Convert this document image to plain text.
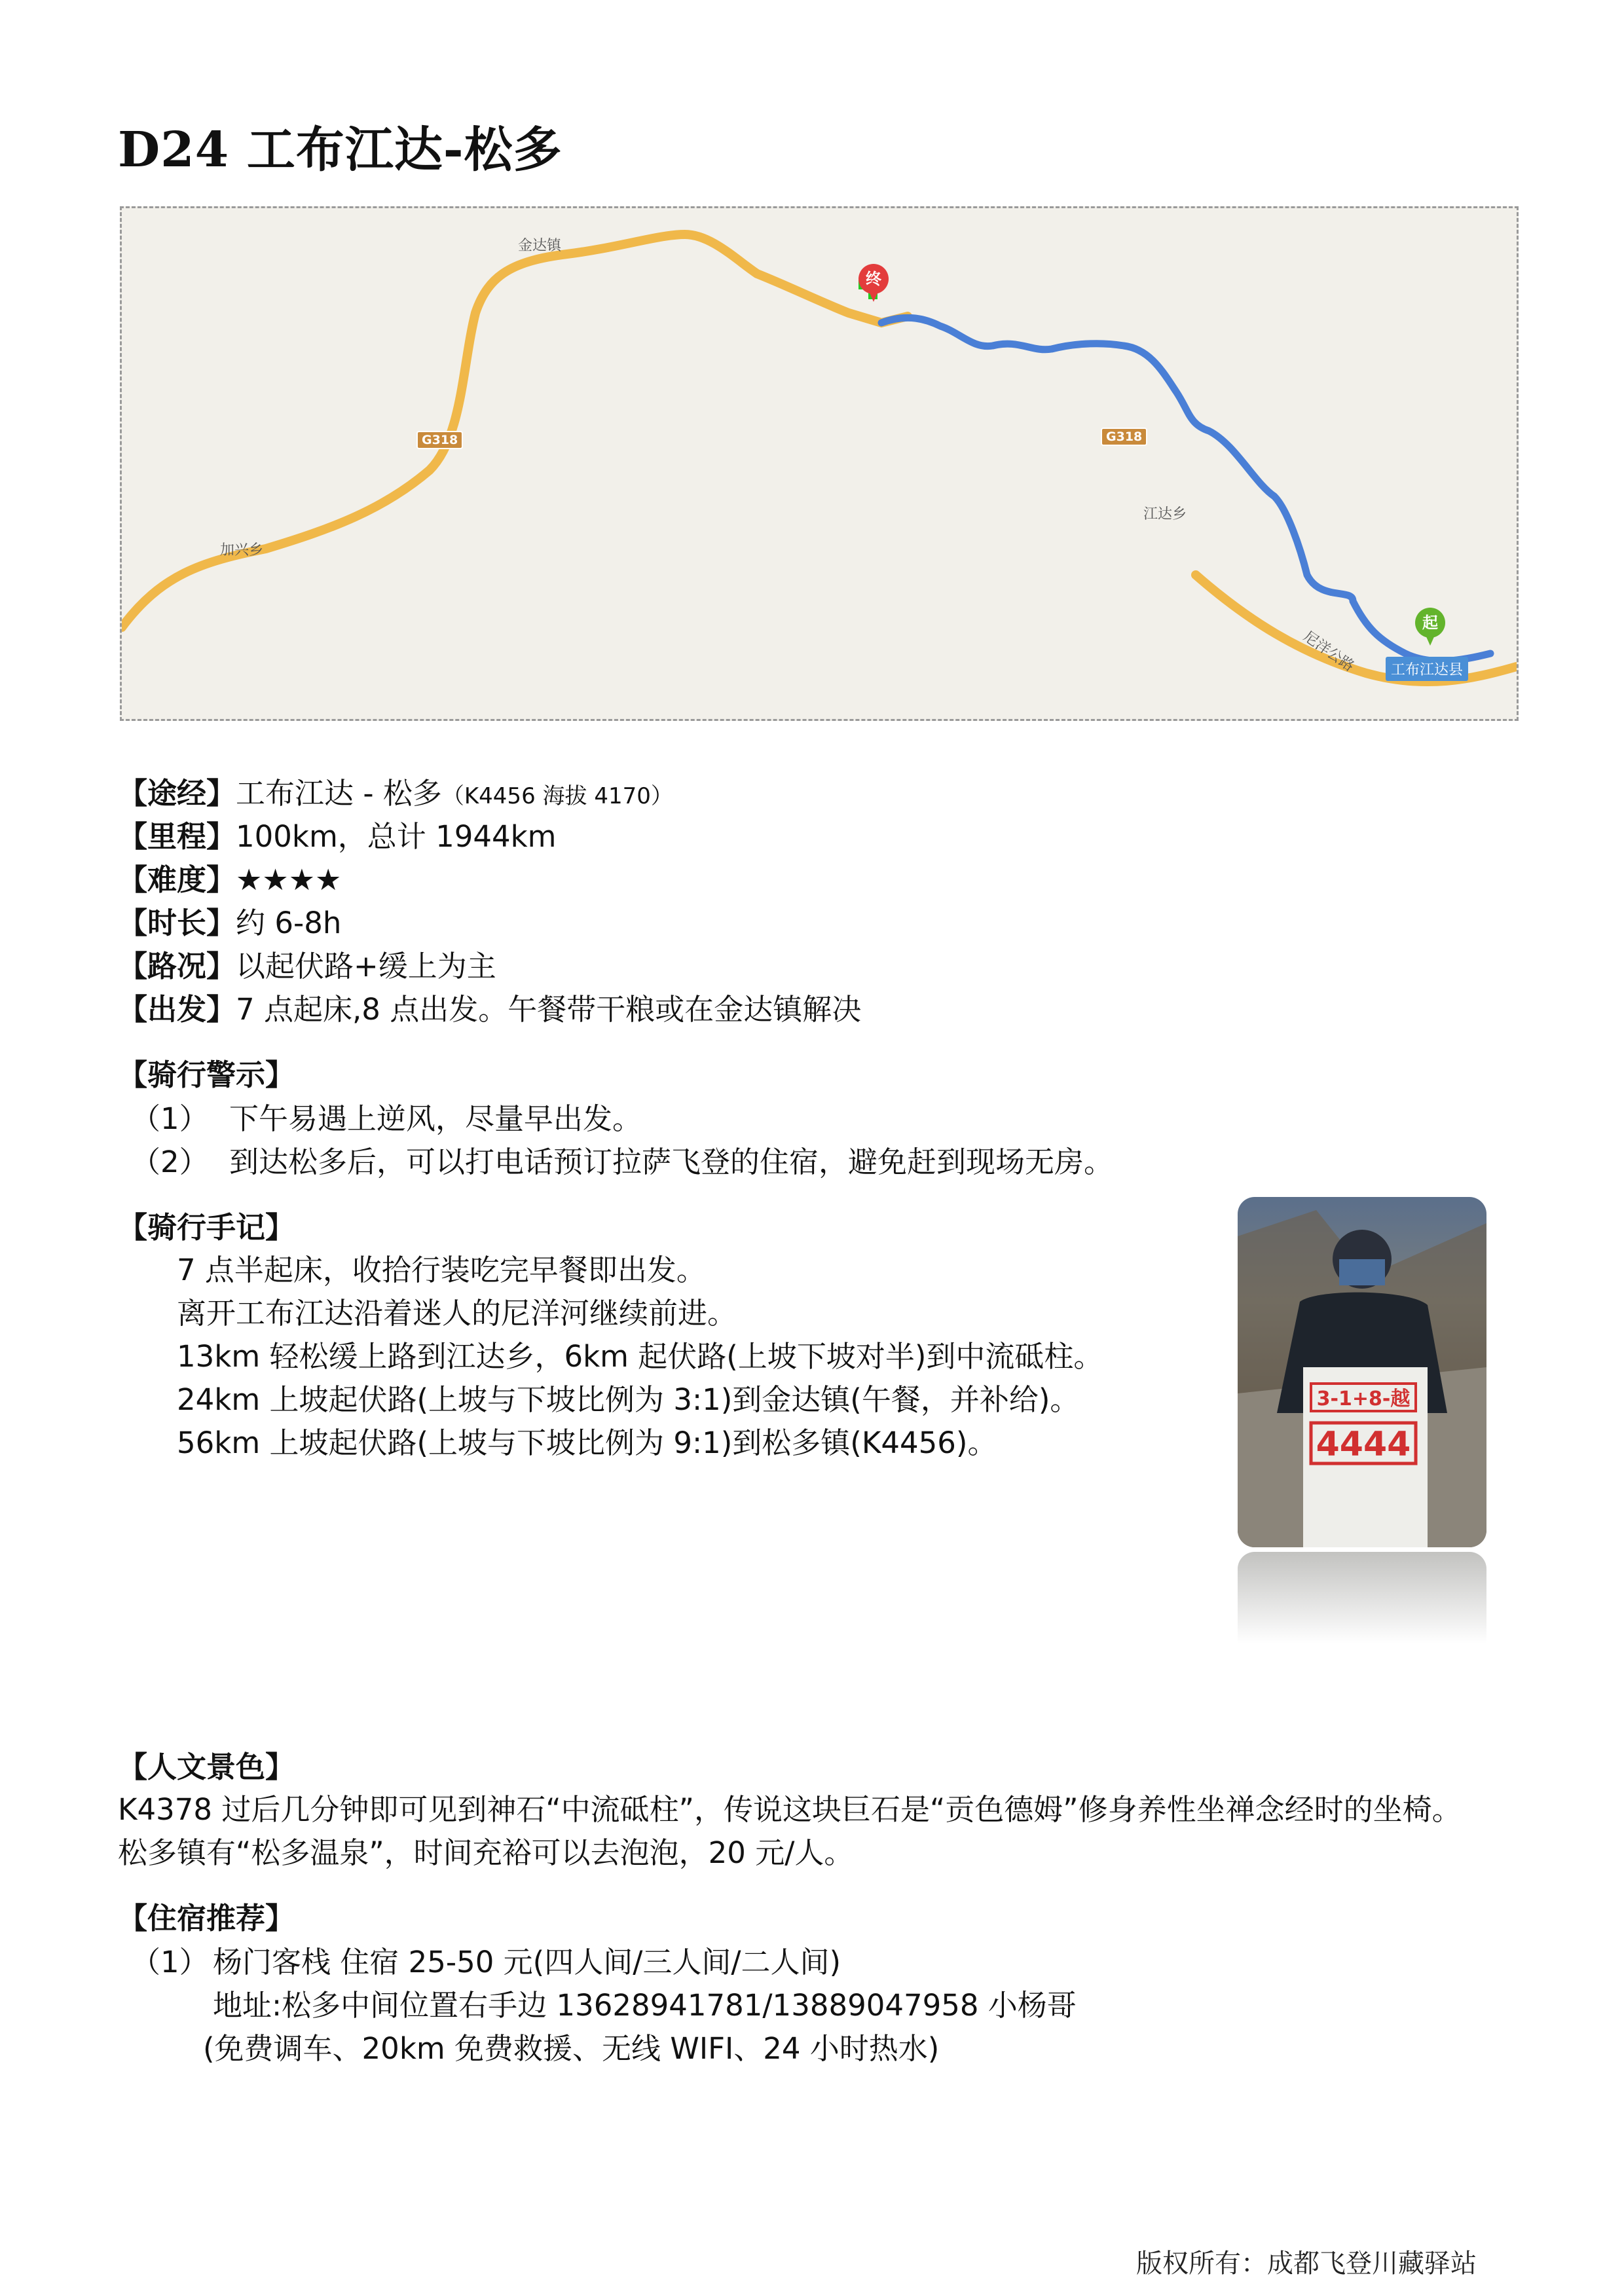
D24 工布江达-松多
金达镇
江达乡
加兴乡
尼洋公路
G318	G318
终
起
工布江达县
【途经】工布江达 - 松多（K4456 海拔 4170）
【里程】100km，总计 1944km
【难度】★★★★
【时长】约 6-8h
【路况】以起伏路+缓上为主
【出发】7 点起床,8 点出发。午餐带干粮或在金达镇解决
【骑行警示】
（1） 下午易遇上逆风，尽量早出发。
（2） 到达松多后，可以打电话预订拉萨飞登的住宿，避免赶到现场无房。
【骑行手记】
7 点半起床，收拾行装吃完早餐即出发。
离开工布江达沿着迷人的尼洋河继续前进。
13km 轻松缓上路到江达乡，6km 起伏路(上坡下坡对半)到中流砥柱。
24km 上坡起伏路(上坡与下坡比例为 3:1)到金达镇(午餐，并补给)。
56km 上坡起伏路(上坡与下坡比例为 9:1)到松多镇(K4456)。
3-1+8-越
4444
【人文景色】
K4378 过后几分钟即可见到神石“中流砥柱”，传说这块巨石是“贡色德姆”修身养性坐禅念经时的坐椅。
松多镇有“松多温泉”，时间充裕可以去泡泡，20 元/人。
【住宿推荐】
（1） 杨门客栈 住宿 25-50 元(四人间/三人间/二人间)
地址:松多中间位置右手边 13628941781/13889047958 小杨哥
(免费调车、20km 免费救援、无线 WIFI、24 小时热水)
版权所有：成都飞登川藏驿站
